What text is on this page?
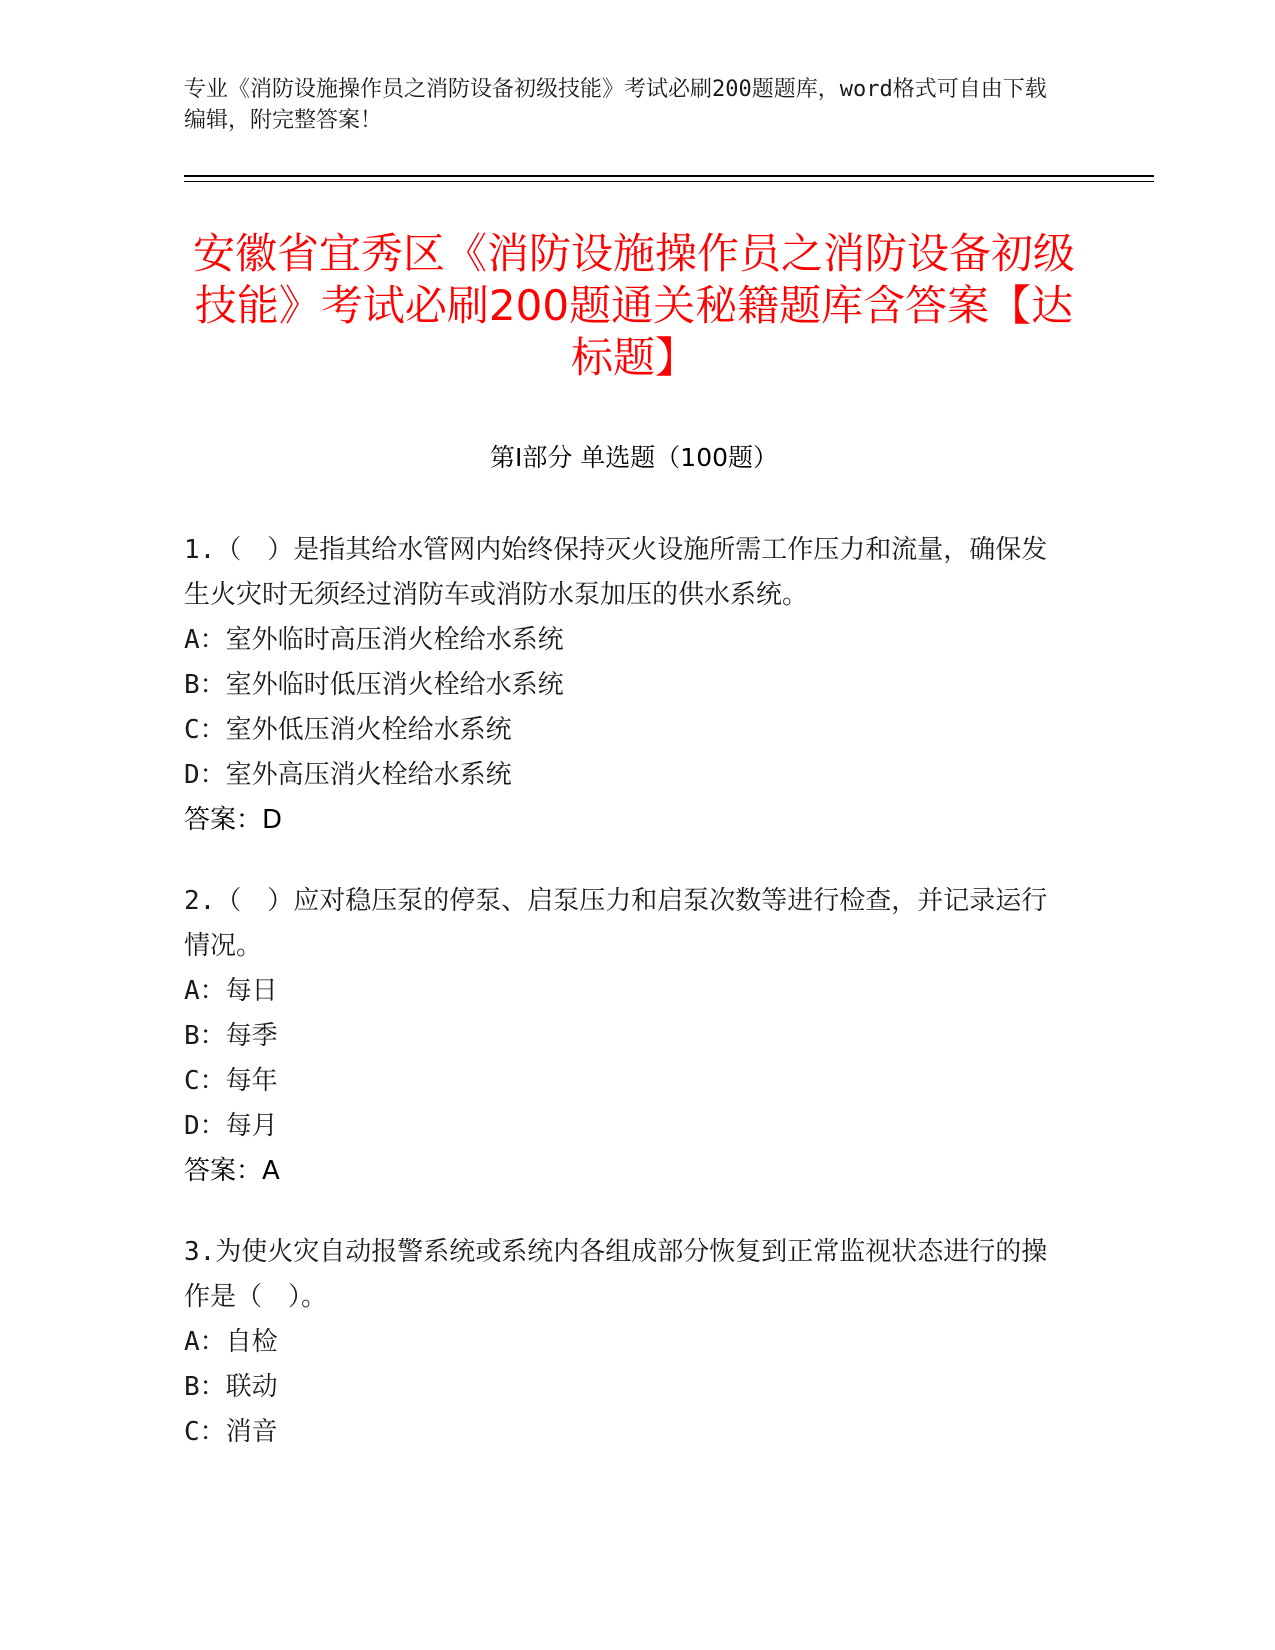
专业《消防设施操作员之消防设备初级技能》考试必刷200题题库，word格式可自由下载编辑，附完整答案！
安徽省宜秀区《消防设施操作员之消防设备初级技能》考试必刷200题通关秘籍题库含答案【达标题】
第Ⅰ部分 单选题（100题）
1.（　）是指其给水管网内始终保持灭火设施所需工作压力和流量，确保发生火灾时无须经过消防车或消防水泵加压的供水系统。
A：室外临时高压消火栓给水系统
B：室外临时低压消火栓给水系统
C：室外低压消火栓给水系统
D：室外高压消火栓给水系统
答案：D
2.（　）应对稳压泵的停泵、启泵压力和启泵次数等进行检查，并记录运行情况。
A：每日
B：每季
C：每年
D：每月
答案：A
3.为使火灾自动报警系统或系统内各组成部分恢复到正常监视状态进行的操作是（　）。
A：自检
B：联动
C：消音
